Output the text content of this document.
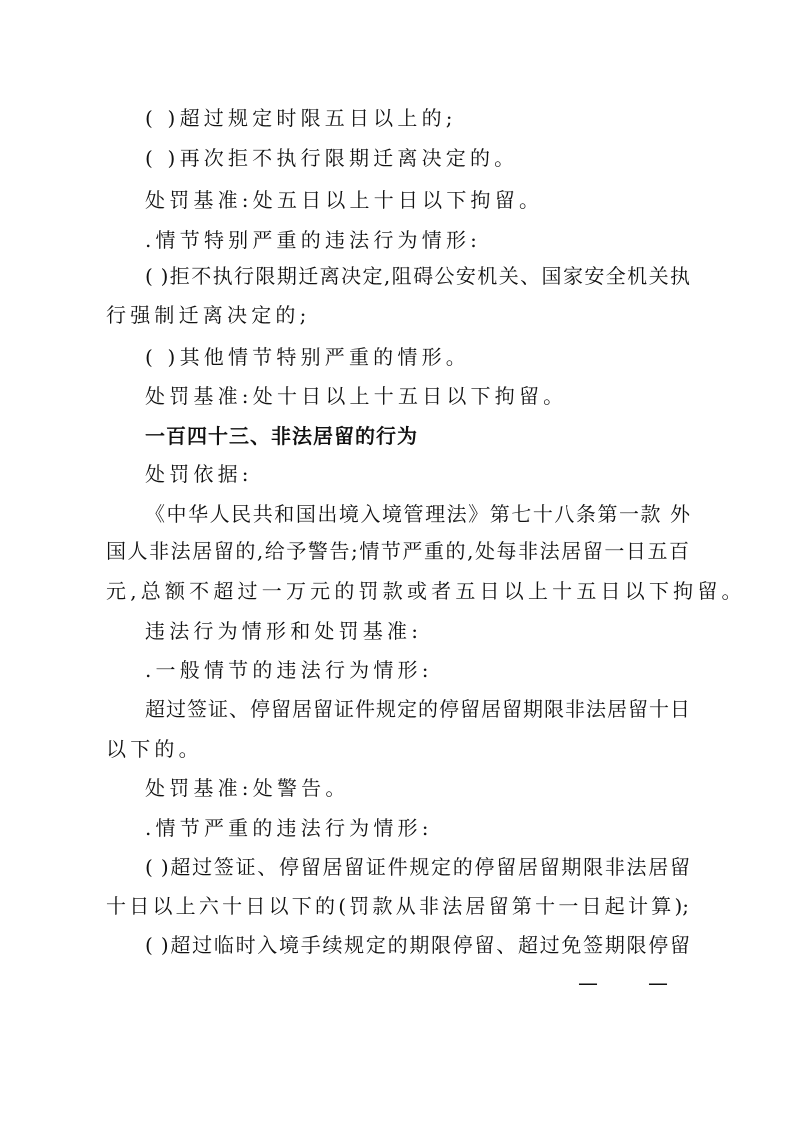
( )超过规定时限五日以上的;
( )再次拒不执行限期迁离决定的。
处罚基准:处五日以上十日以下拘留。
.情节特别严重的违法行为情形:
( )拒不执行限期迁离决定,阻碍公安机关、国家安全机关执
行强制迁离决定的;
( )其他情节特别严重的情形。
处罚基准:处十日以上十五日以下拘留。
一百四十三、非法居留的行为
处罚依据:
《中华人民共和国出境入境管理法》第七十八条第一款 外
国人非法居留的,给予警告;情节严重的,处每非法居留一日五百
元,总额不超过一万元的罚款或者五日以上十五日以下拘留。
违法行为情形和处罚基准:
.一般情节的违法行为情形:
超过签证、停留居留证件规定的停留居留期限非法居留十日
以下的。
处罚基准:处警告。
.情节严重的违法行为情形:
( )超过签证、停留居留证件规定的停留居留期限非法居留
十日以上六十日以下的(罚款从非法居留第十一日起计算);
( )超过临时入境手续规定的期限停留、超过免签期限停留
—	—
